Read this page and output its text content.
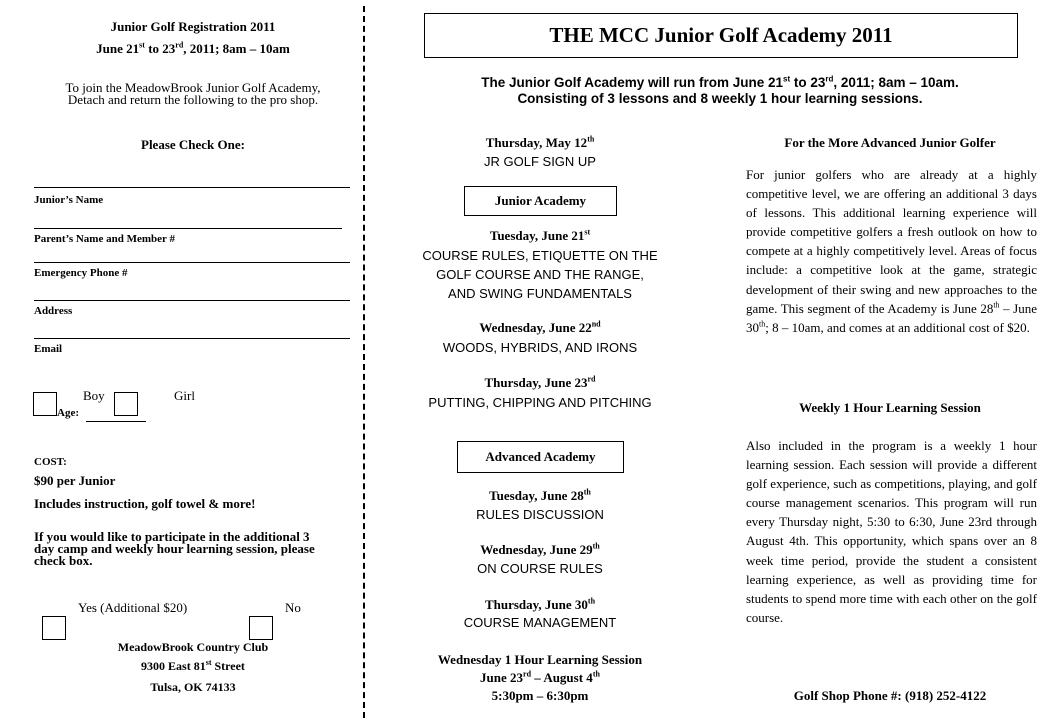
Junior Golf Registration 2011
June 21st to 23rd, 2011; 8am – 10am
To join the MeadowBrook Junior Golf Academy,
Detach and return the following to the pro shop.
Please Check One:
Junior’s Name
Parent’s Name and Member #
Emergency Phone #
Address
Email
Boy	Girl
Age:
COST:
$90 per Junior
Includes instruction, golf towel & more!
If you would like to participate in the additional 3 day camp and weekly hour learning session, please check box.
Yes (Additional $20)	No
MeadowBrook Country Club
9300 East 81st Street
Tulsa, OK 74133
THE MCC Junior Golf Academy 2011
The Junior Golf Academy will run from June 21st to 23rd, 2011; 8am – 10am.
Consisting of 3 lessons and 8 weekly 1 hour learning sessions.
Thursday, May 12th
JR GOLF SIGN UP
Junior Academy
Tuesday, June 21st
COURSE RULES, ETIQUETTE ON THE
GOLF COURSE AND THE RANGE,
AND SWING FUNDAMENTALS
Wednesday, June 22nd
WOODS, HYBRIDS, AND IRONS
Thursday, June 23rd
PUTTING, CHIPPING AND PITCHING
Advanced Academy
Tuesday, June 28th
RULES DISCUSSION
Wednesday, June 29th
ON COURSE RULES
Thursday, June 30th
COURSE MANAGEMENT
Wednesday 1 Hour Learning Session
June 23rd – August 4th
5:30pm – 6:30pm
For the More Advanced Junior Golfer
For junior golfers who are already at a highly competitive level, we are offering an additional 3 days of lessons. This additional learning experience will provide competitive golfers a fresh outlook on how to compete at a highly competitively level. Areas of focus include: a competitive look at the game, strategic development of their swing and new approaches to the game. This segment of the Academy is June 28th – June 30th; 8 – 10am, and comes at an additional cost of $20.
Weekly 1 Hour Learning Session
Also included in the program is a weekly 1 hour learning session. Each session will provide a different golf experience, such as competitions, playing, and golf course management scenarios. This program will run every Thursday night, 5:30 to 6:30, June 23rd through August 4th. This opportunity, which spans over an 8 week time period, provide the student a consistent learning experience, as well as providing time for students to spend more time with each other on the golf course.
Golf Shop Phone #: (918) 252-4122
